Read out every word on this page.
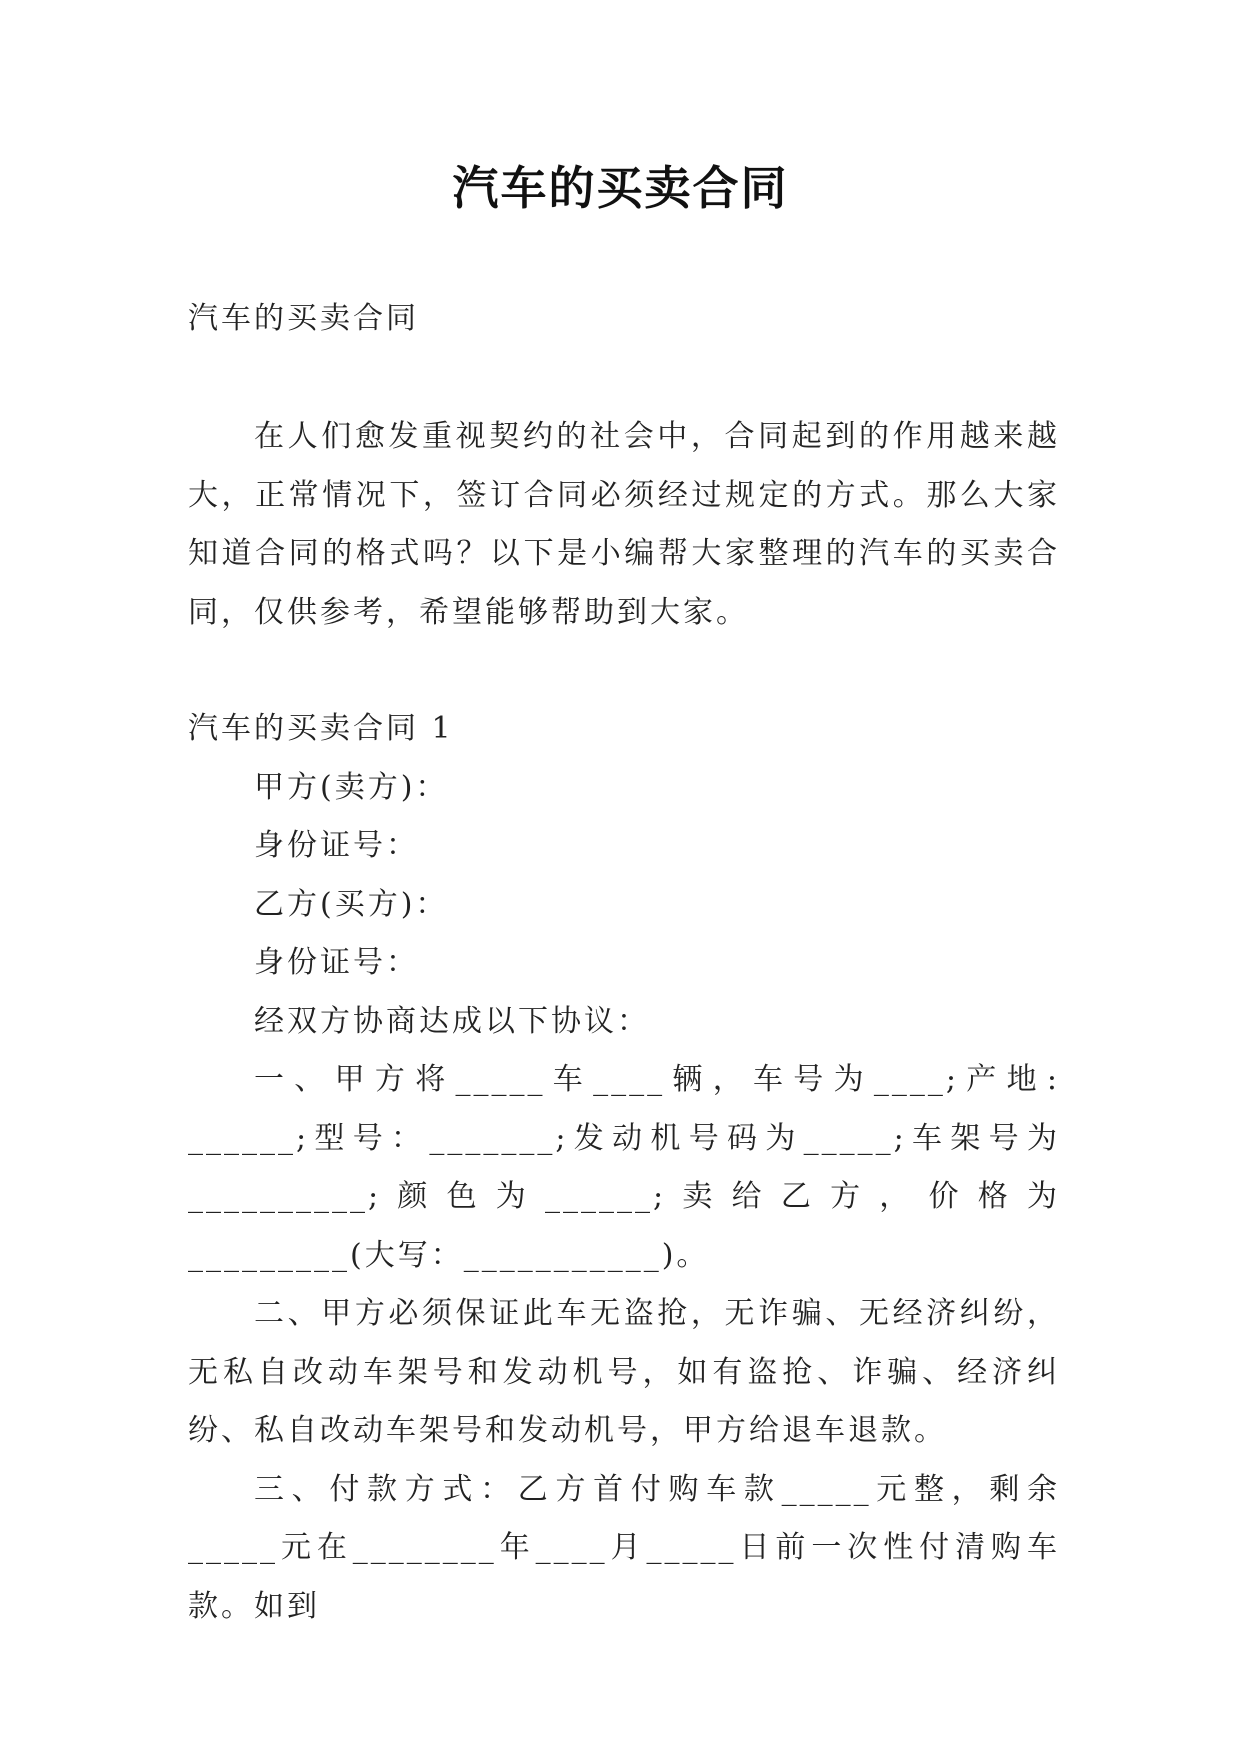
汽车的买卖合同

汽车的买卖合同

在人们愈发重视契约的社会中，合同起到的作用越来越大，正常情况下，签订合同必须经过规定的方式。那么大家知道合同的格式吗？以下是小编帮大家整理的汽车的买卖合同，仅供参考，希望能够帮助到大家。

汽车的买卖合同 1

甲方(卖方)：

身份证号：

乙方(买方)：

身份证号：

经双方协商达成以下协议：

一、甲方将_____车____辆，车号为____;产地: ______;型号：_______;发动机号码为_____;车架号为__________;颜色为______;卖给乙方，价格为_________(大写：___________)。

二、甲方必须保证此车无盗抢，无诈骗、无经济纠纷，无私自改动车架号和发动机号，如有盗抢、诈骗、经济纠纷、私自改动车架号和发动机号，甲方给退车退款。

三、付款方式：乙方首付购车款_____元整，剩余_____元在________年____月_____日前一次性付清购车款。如到
